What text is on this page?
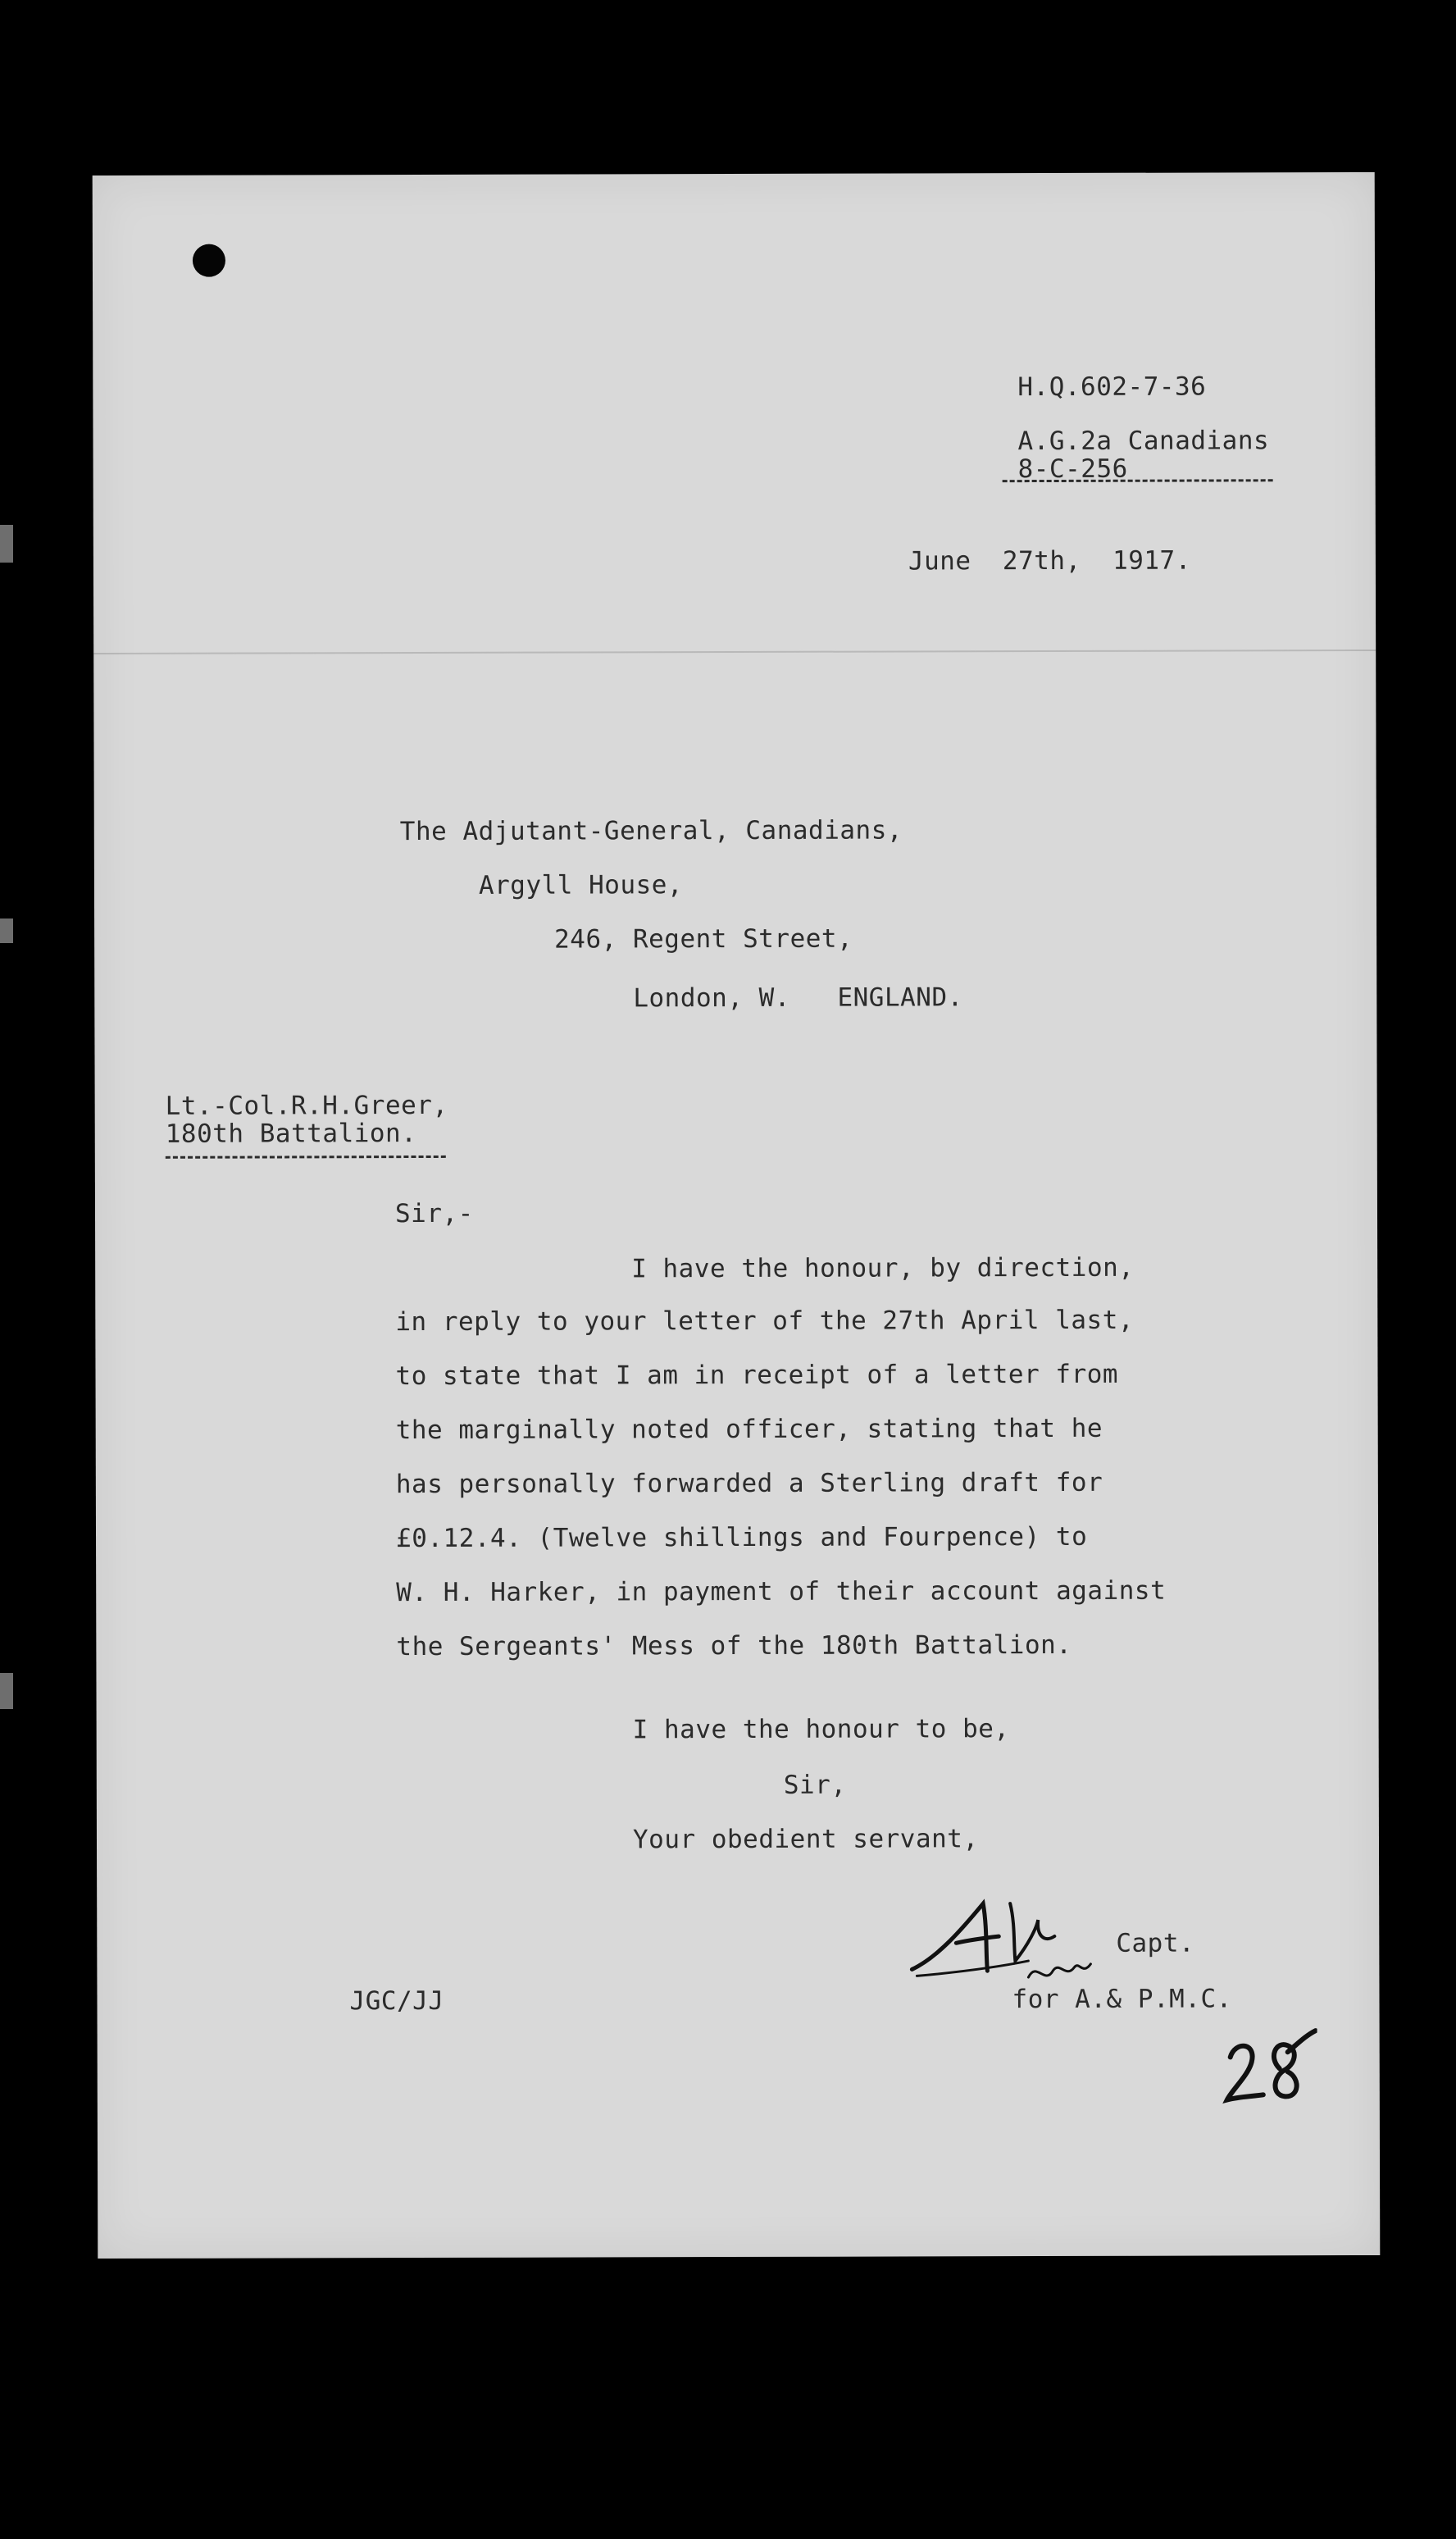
H.Q.602-7-36
A.G.2a Canadians
8-C-256
June  27th,  1917.
The Adjutant-General, Canadians,
Argyll House,
246, Regent Street,
London, W.   ENGLAND.
Lt.-Col.R.H.Greer,
180th Battalion.
Sir,-
I have the honour, by direction,
in reply to your letter of the 27th April last,
to state that I am in receipt of a letter from
the marginally noted officer, stating that he
has personally forwarded a Sterling draft for
£0.12.4. (Twelve shillings and Fourpence) to
W. H. Harker, in payment of their account against
the Sergeants' Mess of the 180th Battalion.
I have the honour to be,
Sir,
Your obedient servant,
Capt.
for A.& P.M.C.
JGC/JJ
